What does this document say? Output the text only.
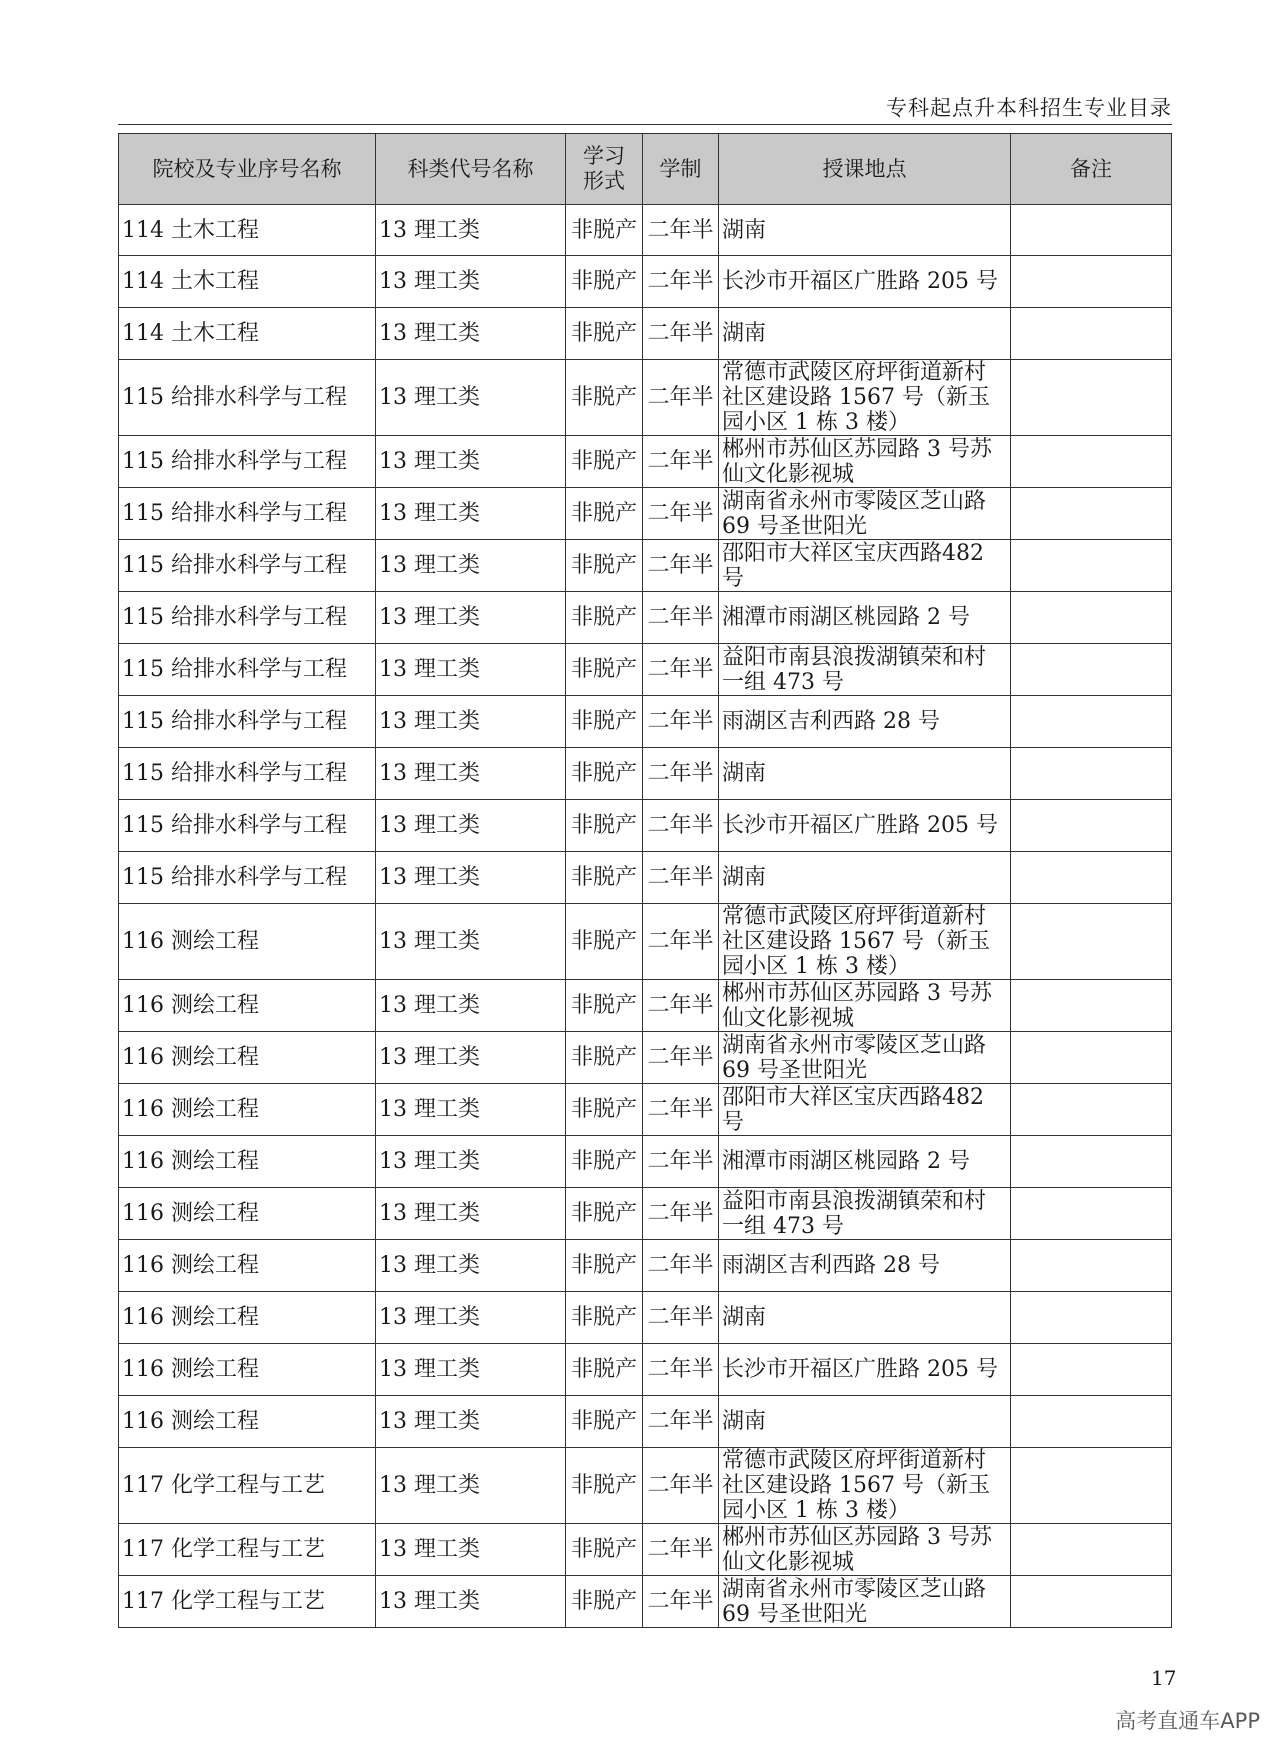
专科起点升本科招生专业目录
院校及专业序号名称	科类代号名称	学习形式	学制	授课地点	备注
114 土木工程	13 理工类	非脱产	二年半	湖南	
114 土木工程	13 理工类	非脱产	二年半	长沙市开福区广胜路 205 号	
114 土木工程	13 理工类	非脱产	二年半	湖南	
115 给排水科学与工程	13 理工类	非脱产	二年半	常德市武陵区府坪街道新村社区建设路 1567 号（新玉园小区 1 栋 3 楼）	
115 给排水科学与工程	13 理工类	非脱产	二年半	郴州市苏仙区苏园路 3 号苏仙文化影视城	
115 给排水科学与工程	13 理工类	非脱产	二年半	湖南省永州市零陵区芝山路 69 号圣世阳光	
115 给排水科学与工程	13 理工类	非脱产	二年半	邵阳市大祥区宝庆西路482 号	
115 给排水科学与工程	13 理工类	非脱产	二年半	湘潭市雨湖区桃园路 2 号	
115 给排水科学与工程	13 理工类	非脱产	二年半	益阳市南县浪拨湖镇荣和村一组 473 号	
115 给排水科学与工程	13 理工类	非脱产	二年半	雨湖区吉利西路 28 号	
115 给排水科学与工程	13 理工类	非脱产	二年半	湖南	
115 给排水科学与工程	13 理工类	非脱产	二年半	长沙市开福区广胜路 205 号	
115 给排水科学与工程	13 理工类	非脱产	二年半	湖南	
116 测绘工程	13 理工类	非脱产	二年半	常德市武陵区府坪街道新村社区建设路 1567 号（新玉园小区 1 栋 3 楼）	
116 测绘工程	13 理工类	非脱产	二年半	郴州市苏仙区苏园路 3 号苏仙文化影视城	
116 测绘工程	13 理工类	非脱产	二年半	湖南省永州市零陵区芝山路 69 号圣世阳光	
116 测绘工程	13 理工类	非脱产	二年半	邵阳市大祥区宝庆西路482 号	
116 测绘工程	13 理工类	非脱产	二年半	湘潭市雨湖区桃园路 2 号	
116 测绘工程	13 理工类	非脱产	二年半	益阳市南县浪拨湖镇荣和村一组 473 号	
116 测绘工程	13 理工类	非脱产	二年半	雨湖区吉利西路 28 号	
116 测绘工程	13 理工类	非脱产	二年半	湖南	
116 测绘工程	13 理工类	非脱产	二年半	长沙市开福区广胜路 205 号	
116 测绘工程	13 理工类	非脱产	二年半	湖南	
117 化学工程与工艺	13 理工类	非脱产	二年半	常德市武陵区府坪街道新村社区建设路 1567 号（新玉园小区 1 栋 3 楼）	
117 化学工程与工艺	13 理工类	非脱产	二年半	郴州市苏仙区苏园路 3 号苏仙文化影视城	
117 化学工程与工艺	13 理工类	非脱产	二年半	湖南省永州市零陵区芝山路 69 号圣世阳光	
17
高考直通车APP
